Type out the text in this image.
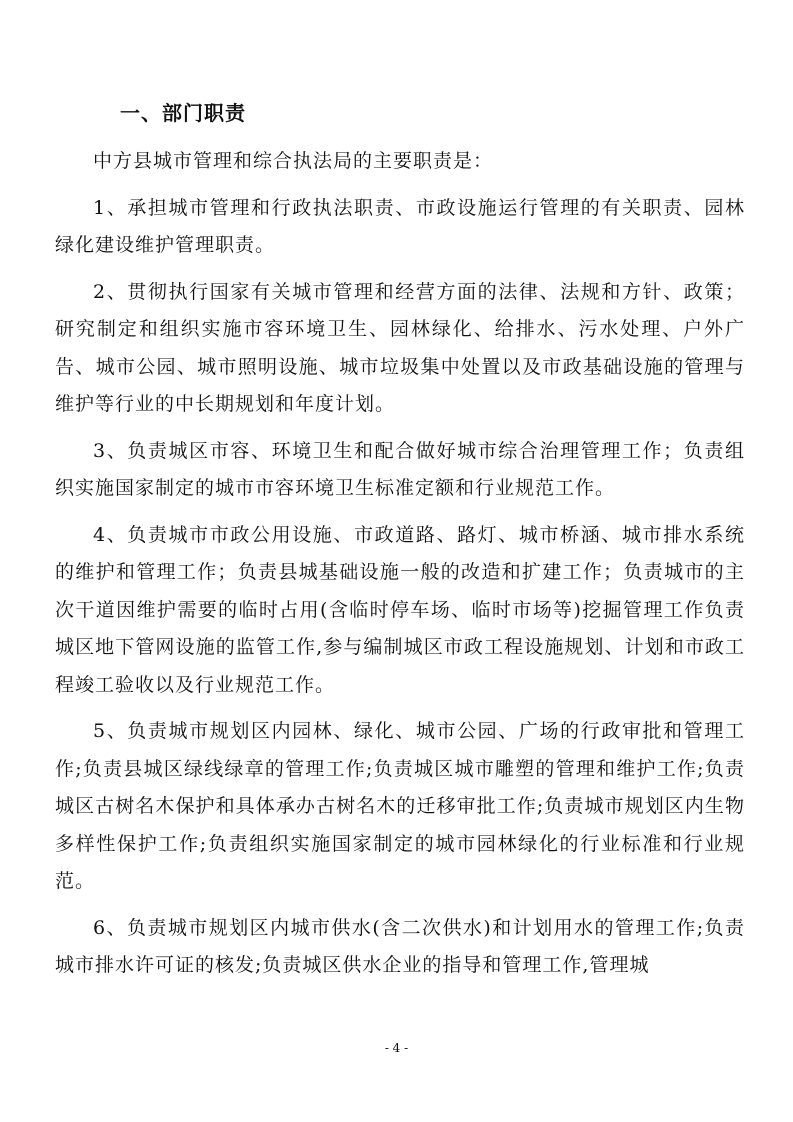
一、部门职责

中方县城市管理和综合执法局的主要职责是：

1、承担城市管理和行政执法职责、市政设施运行管理的有关职责、园林绿化建设维护管理职责。

2、贯彻执行国家有关城市管理和经营方面的法律、法规和方针、政策；研究制定和组织实施市容环境卫生、园林绿化、给排水、污水处理、户外广告、城市公园、城市照明设施、城市垃圾集中处置以及市政基础设施的管理与维护等行业的中长期规划和年度计划。

3、负责城区市容、环境卫生和配合做好城市综合治理管理工作；负责组织实施国家制定的城市市容环境卫生标准定额和行业规范工作。

4、负责城市市政公用设施、市政道路、路灯、城市桥涵、城市排水系统的维护和管理工作；负责县城基础设施一般的改造和扩建工作；负责城市的主次干道因维护需要的临时占用(含临时停车场、临时市场等)挖掘管理工作负责城区地下管网设施的监管工作,参与编制城区市政工程设施规划、计划和市政工程竣工验收以及行业规范工作。

5、负责城市规划区内园林、绿化、城市公园、广场的行政审批和管理工作;负责县城区绿线绿章的管理工作;负责城区城市雕塑的管理和维护工作;负责城区古树名木保护和具体承办古树名木的迁移审批工作;负责城市规划区内生物多样性保护工作;负责组织实施国家制定的城市园林绿化的行业标准和行业规范。

6、负责城市规划区内城市供水(含二次供水)和计划用水的管理工作;负责城市排水许可证的核发;负责城区供水企业的指导和管理工作,管理城

- 4 -
